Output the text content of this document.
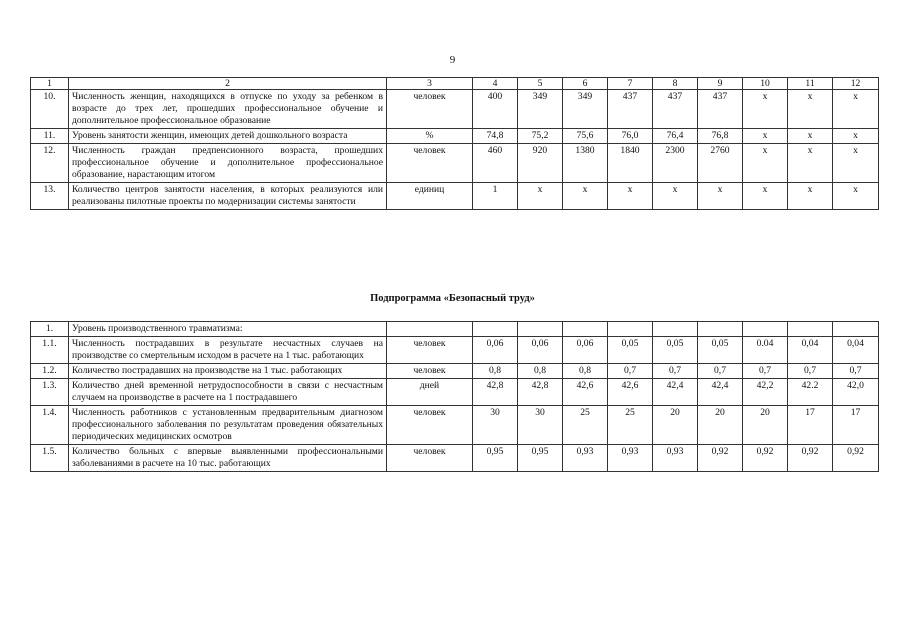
9
1	2	3	4	5	6	7	8	9	10	11	12
10.	Численность женщин, находящихся в отпуске по уходу за ребенком в возрасте до трех лет, прошедших профессиональное обучение и дополнительное профессиональное образование	человек	400	349	349	437	437	437	х	х	х
11.	Уровень занятости женщин, имеющих детей дошкольного возраста	%	74,8	75,2	75,6	76,0	76,4	76,8	х	х	х
12.	Численность граждан предпенсионного возраста, прошедших профессиональное обучение и дополнительное профессиональное образование, нарастающим итогом	человек	460	920	1380	1840	2300	2760	х	х	х
13.	Количество центров занятости населения, в которых реализуются или реализованы пилотные проекты по модернизации системы занятости	единиц	1	х	х	х	х	х	х	х	х
Подпрограмма «Безопасный труд»
1.	Уровень производственного травматизма:										
1.1.	Численность пострадавших в результате несчастных случаев на производстве со смертельным исходом в расчете на 1 тыс. работающих	человек	0,06	0,06	0,06	0,05	0,05	0,05	0.04	0,04	0,04
1.2.	Количество пострадавших на производстве на 1 тыс. работающих	человек	0,8	0,8	0,8	0,7	0,7	0,7	0,7	0,7	0,7
1.3.	Количество дней временной нетрудоспособности в связи с несчастным случаем на производстве в расчете на 1 пострадавшего	дней	42,8	42,8	42,6	42,6	42,4	42,4	42,2	42.2	42,0
1.4.	Численность работников с установленным предварительным диагнозом профессионального заболевания по результатам проведения обязательных периодических медицинских осмотров	человек	30	30	25	25	20	20	20	17	17
1.5.	Количество больных с впервые выявленными профессиональными заболеваниями в расчете на 10 тыс. работающих	человек	0,95	0,95	0,93	0,93	0,93	0,92	0,92	0,92	0,92
